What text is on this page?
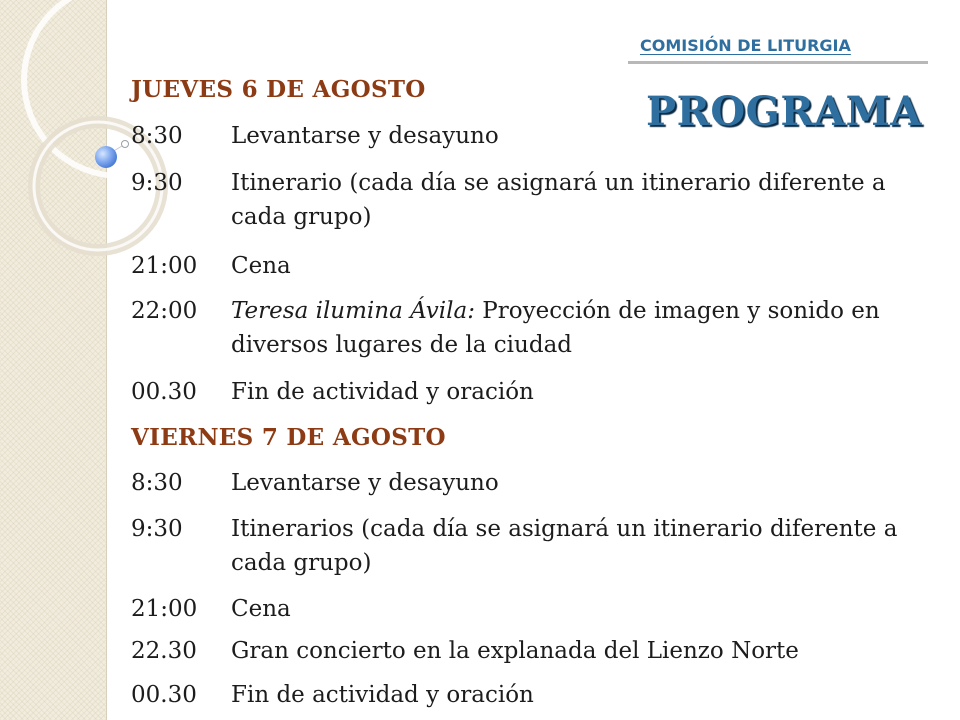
COMISIÓN DE LITURGIA
PROGRAMA
JUEVES 6 DE AGOSTO
8:30	Levantarse y desayuno
9:30	Itinerario (cada día se asignará un itinerario diferente a cada grupo)
21:00	Cena
22:00	Teresa ilumina Ávila: Proyección de imagen y sonido en diversos lugares de la ciudad
00.30	Fin de actividad y oración
VIERNES 7 DE AGOSTO
8:30	Levantarse y desayuno
9:30	Itinerarios (cada día se asignará un itinerario diferente a cada grupo)
21:00	Cena
22.30	Gran concierto en la explanada del Lienzo Norte
00.30	Fin de actividad y oración
